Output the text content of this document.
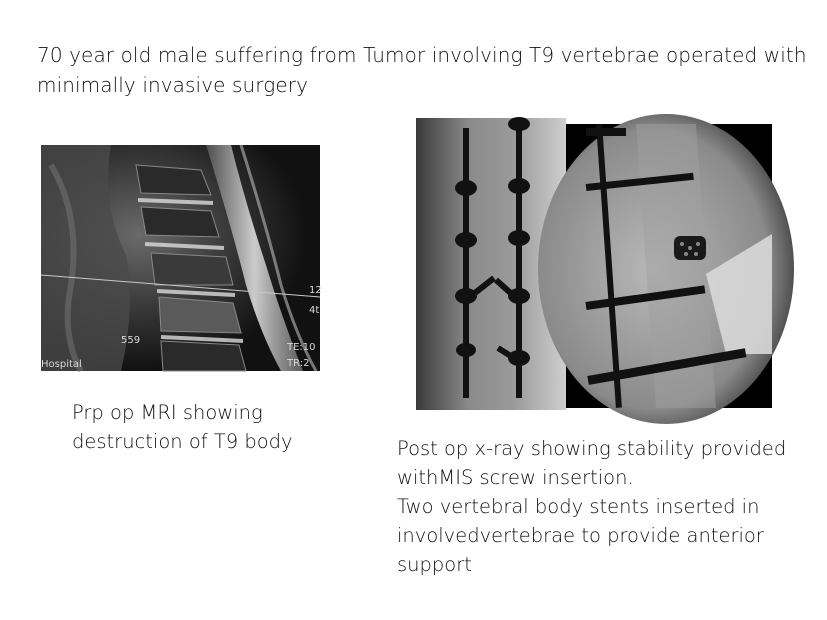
70 year old male suffering from Tumor involving T9 vertebrae operated with minimally invasive surgery
559
Hospital
12
4t
TE:10
TR:2
Prp op MRI showing
destruction of T9 body	Post op x-ray showing stability provided
withMIS screw insertion.
Two vertebral body stents inserted in
involvedvertebrae to provide anterior
support
